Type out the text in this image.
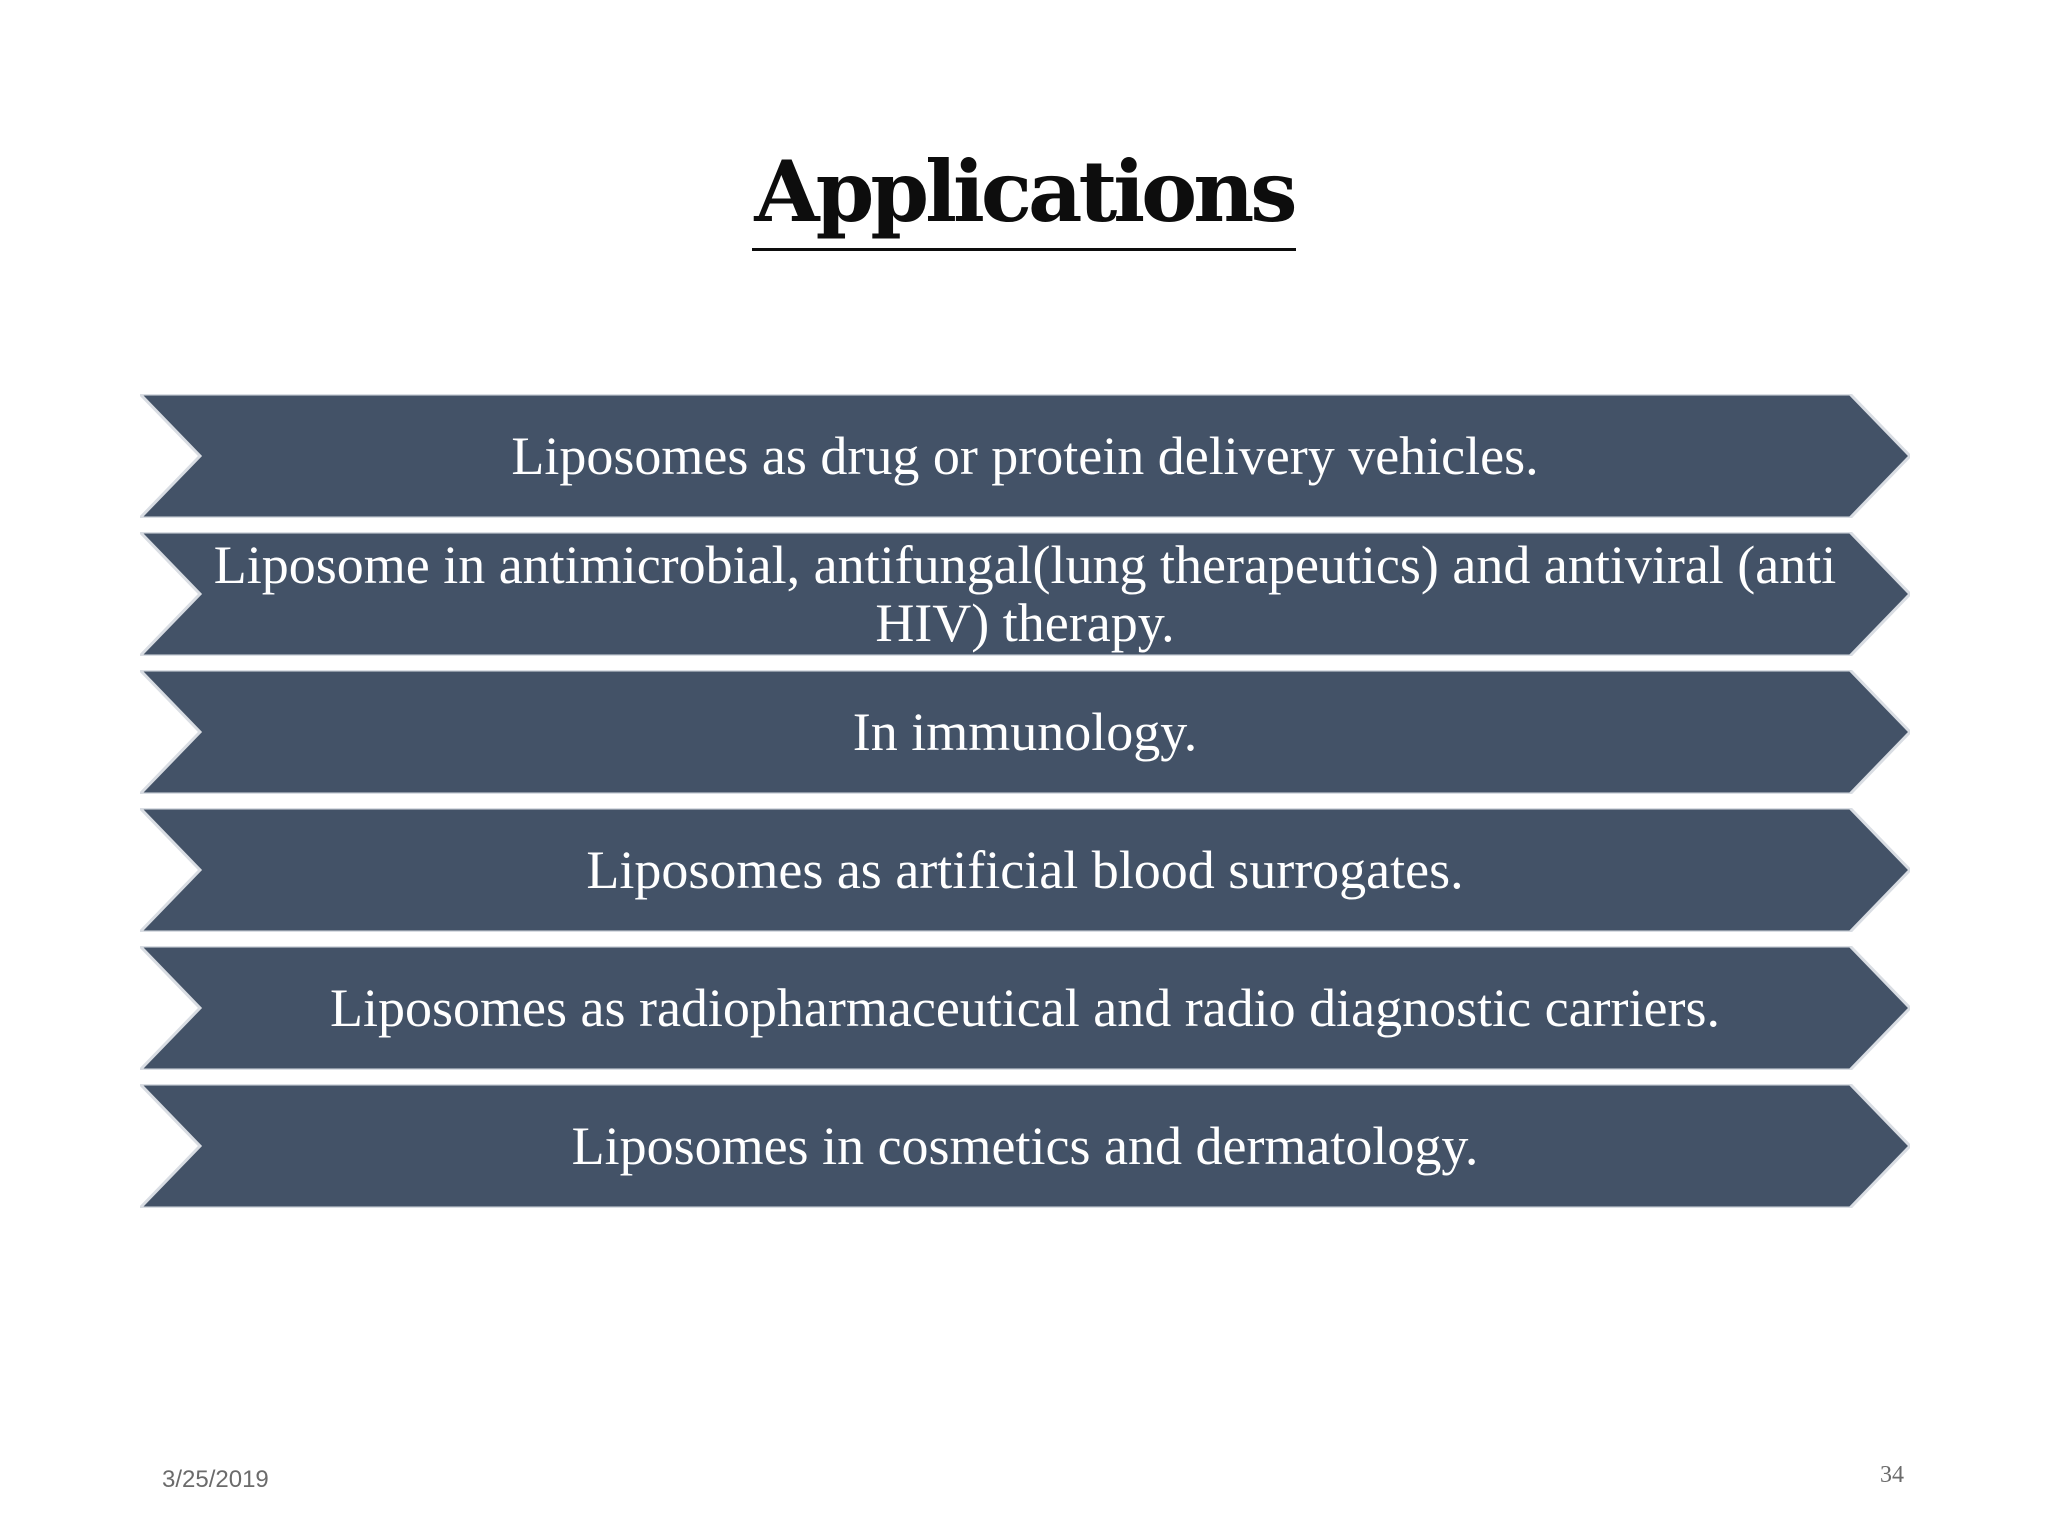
Applications
Liposomes as drug or protein delivery vehicles.
Liposome in antimicrobial, antifungal(lung therapeutics) and antiviral (anti HIV) therapy.
In immunology.
Liposomes as artificial blood surrogates.
Liposomes as radiopharmaceutical and radio diagnostic carriers.
Liposomes in cosmetics and dermatology.
3/25/2019	34
